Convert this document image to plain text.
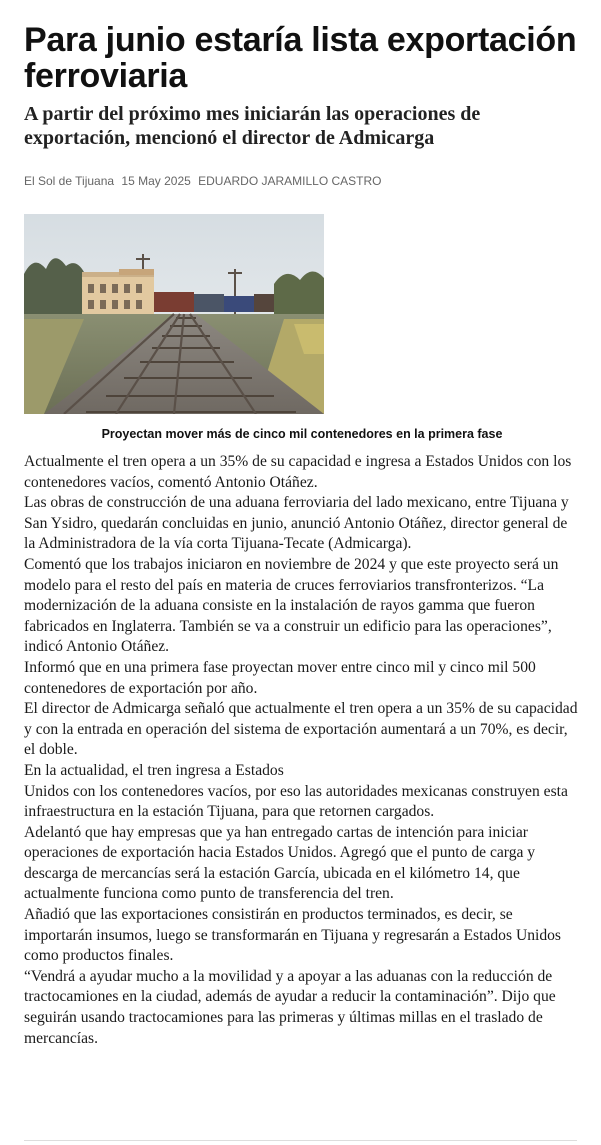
Para junio estaría lista exportación ferroviaria
A partir del próximo mes iniciarán las operaciones de exportación, mencionó el director de Admicarga
El Sol de Tijuana 15 May 2025 EDUARDO JARAMILLO CASTRO
Proyectan mover más de cinco mil contenedores en la primera fase

Actualmente el tren opera a un 35% de su capacidad e ingresa a Estados Unidos con los contenedores vacíos, comentó Antonio Otáñez.

Las obras de construcción de una aduana ferroviaria del lado mexicano, entre Tijuana y San Ysidro, quedarán concluidas en junio, anunció Antonio Otáñez, director general de la Administradora de la vía corta Tijuana-Tecate (Admicarga).

Comentó que los trabajos iniciaron en noviembre de 2024 y que este proyecto será un modelo para el resto del país en materia de cruces ferroviarios transfronterizos. “La modernización de la aduana consiste en la instalación de rayos gamma que fueron fabricados en Inglaterra. También se va a construir un edificio para las operaciones”, indicó Antonio Otáñez.

Informó que en una primera fase proyectan mover entre cinco mil y cinco mil 500 contenedores de exportación por año.

El director de Admicarga señaló que actualmente el tren opera a un 35% de su capacidad y con la entrada en operación del sistema de exportación aumentará a un 70%, es decir, el doble.

En la actualidad, el tren ingresa a Estados

Unidos con los contenedores vacíos, por eso las autoridades mexicanas construyen esta infraestructura en la estación Tijuana, para que retornen cargados.

Adelantó que hay empresas que ya han entregado cartas de intención para iniciar operaciones de exportación hacia Estados Unidos. Agregó que el punto de carga y descarga de mercancías será la estación García, ubicada en el kilómetro 14, que actualmente funciona como punto de transferencia del tren.

Añadió que las exportaciones consistirán en productos terminados, es decir, se importarán insumos, luego se transformarán en Tijuana y regresarán a Estados Unidos como productos finales.

“Vendrá a ayudar mucho a la movilidad y a apoyar a las aduanas con la reducción de tractocamiones en la ciudad, además de ayudar a reducir la contaminación”. Dijo que seguirán usando tractocamiones para las primeras y últimas millas en el traslado de mercancías.
